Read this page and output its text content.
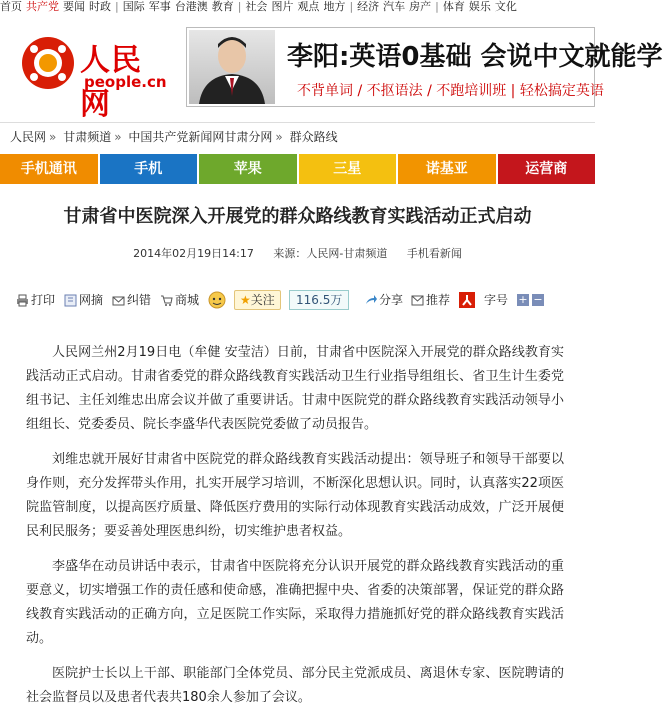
首页 共产党 要闻 时政 | 国际 军事 台港澳 教育 | 社会 图片 观点 地方 | 经济 汽车 房产 | 体育 娱乐 文化
人民网
people.cn
李阳:英语0基础 会说中文就能学
不背单词 / 不抠语法 / 不跑培训班 | 轻松搞定英语
人民网 » 甘肃频道 » 中国共产党新闻网甘肃分网 » 群众路线
手机通讯	手机	苹果	三星	诺基亚	运营商
甘肃省中医院深入开展党的群众路线教育实践活动正式启动
2014年02月19日14:17 来源：人民网-甘肃频道 手机看新闻
打印 网摘 纠错 商城	★关注	116.5万	分享 推荐	字号 + −

人民网兰州2月19日电（牟健 安莹洁）日前，甘肃省中医院深入开展党的群众路线教育实践活动正式启动。甘肃省委党的群众路线教育实践活动卫生行业指导组组长、省卫生计生委党组书记、主任刘维忠出席会议并做了重要讲话。甘肃中医院党的群众路线教育实践活动领导小组组长、党委委员、院长李盛华代表医院党委做了动员报告。

刘维忠就开展好甘肃省中医院党的群众路线教育实践活动提出：领导班子和领导干部要以身作则，充分发挥带头作用，扎实开展学习培训，不断深化思想认识。同时，认真落实22项医院监管制度，以提高医疗质量、降低医疗费用的实际行动体现教育实践活动成效，广泛开展便民利民服务；要妥善处理医患纠纷，切实维护患者权益。

李盛华在动员讲话中表示，甘肃省中医院将充分认识开展党的群众路线教育实践活动的重要意义，切实增强工作的责任感和使命感，准确把握中央、省委的决策部署，保证党的群众路线教育实践活动的正确方向，立足医院工作实际，采取得力措施抓好党的群众路线教育实践活动。

医院护士长以上干部、职能部门全体党员、部分民主党派成员、离退休专家、医院聘请的社会监督员以及患者代表共180余人参加了会议。
